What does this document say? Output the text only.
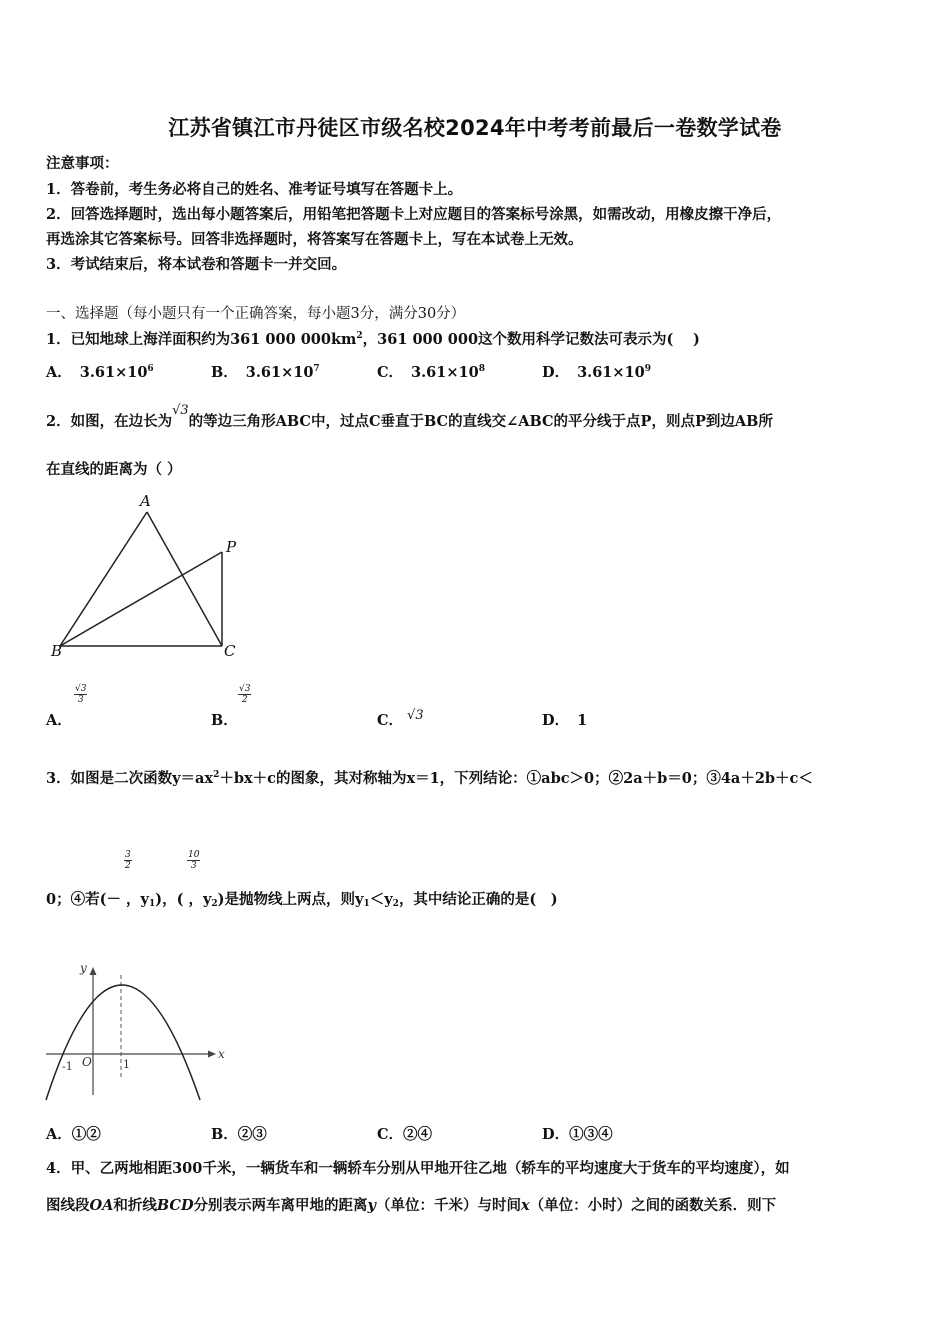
江苏省镇江市丹徒区市级名校2024年中考考前最后一卷数学试卷
注意事项：
1．答卷前，考生务必将自己的姓名、准考证号填写在答题卡上。
2．回答选择题时，选出每小题答案后，用铅笔把答题卡上对应题目的答案标号涂黑，如需改动，用橡皮擦干净后，
再选涂其它答案标号。回答非选择题时，将答案写在答题卡上，写在本试卷上无效。
3．考试结束后，将本试卷和答题卡一并交回。
一、选择题（每小题只有一个正确答案，每小题3分，满分30分）
1．已知地球上海洋面积约为361 000 $000km^2$，361 000 000这个数用科学记数法可表示为(　 )
A． $3.61\times 10^6$	B． $3.61\times 10^7$	C． $3.61\times 10^8$	D． $3.61\times 10^9$
2．如图，在边长为√3的等边三角形ABC中，过点C垂直于BC的直线交∠ABC的平分线于点P，则点P到边AB所
在直线的距离为（ ）
A
P
B	C
A．
$\frac{√3}{3}$
B．
$\frac{√3}{2}$
C． √3	D． 1
3．如图是二次函数$y=ax^2+bx+c$的图象，其对称轴为x＝1，下列结论：①abc＞0；②2a＋b＝0；③4a＋2b＋c＜
$\frac{3}{2}$	$\frac{10}{3}$
0；④若(－ ，$y_1$)，( ，$y_2$)是抛物线上两点，则$y_1<y_2$，其中结论正确的是(　)
x
y
O
-1	1
A．①②	B．②③	C．②④	D．①③④
4．甲、乙两地相距300千米，一辆货车和一辆轿车分别从甲地开往乙地（轿车的平均速度大于货车的平均速度），如
图线段OA和折线BCD分别表示两车离甲地的距离y（单位：千米）与时间x（单位：小时）之间的函数关系．则下
